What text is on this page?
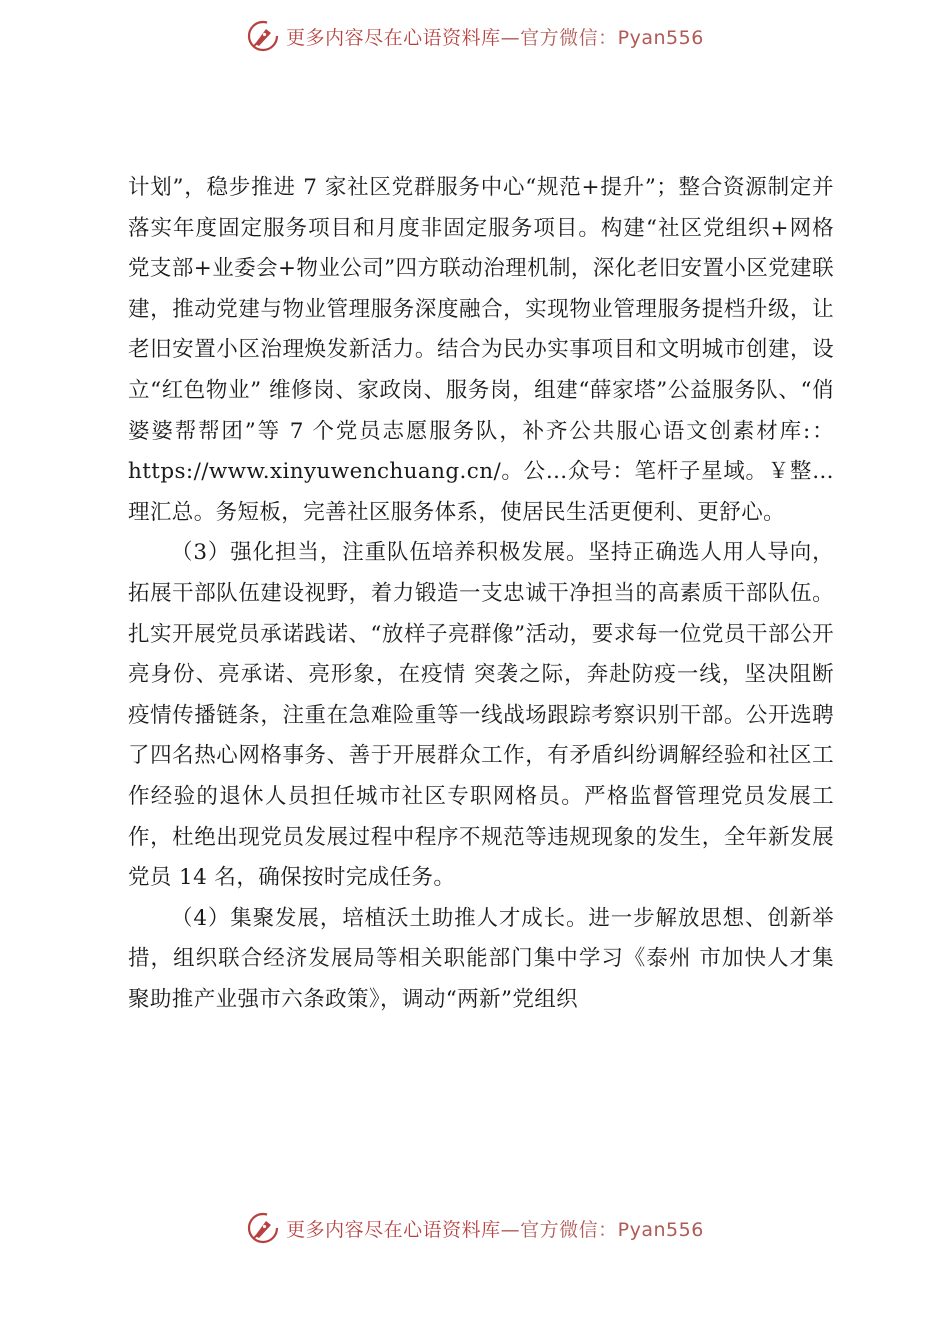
更多内容尽在心语资料库—官方微信：Pyan556

计划”，稳步推进 7 家社区党群服务中心“规范+提升”；整合资源制定并落实年度固定服务项目和月度非固定服务项目。构建“社区党组织+网格党支部+业委会+物业公司”四方联动治理机制，深化老旧安置小区党建联建，推动党建与物业管理服务深度融合，实现物业管理服务提档升级，让老旧安置小区治理焕发新活力。结合为民办实事项目和文明城市创建，设立“红色物业” 维修岗、家政岗、服务岗，组建“薛家塔”公益服务队、“俏婆婆帮帮团”等 7 个党员志愿服务队，补齐公共服心语文创素材库:：https://www.xinyuwenchuang.cn/。公…众号：笔杆子星域。￥整…理汇总。务短板，完善社区服务体系，使居民生活更便利、更舒心。

（3）强化担当，注重队伍培养积极发展。坚持正确选人用人导向，拓展干部队伍建设视野，着力锻造一支忠诚干净担当的高素质干部队伍。扎实开展党员承诺践诺、“放样子亮群像”活动，要求每一位党员干部公开亮身份、亮承诺、亮形象，在疫情 突袭之际，奔赴防疫一线，坚决阻断疫情传播链条，注重在急难险重等一线战场跟踪考察识别干部。公开选聘了四名热心网格事务、善于开展群众工作，有矛盾纠纷调解经验和社区工作经验的退休人员担任城市社区专职网格员。严格监督管理党员发展工 作，杜绝出现党员发展过程中程序不规范等违规现象的发生，全年新发展党员 14 名，确保按时完成任务。

（4）集聚发展，培植沃土助推人才成长。进一步解放思想、创新举措，组织联合经济发展局等相关职能部门集中学习《泰州 市加快人才集聚助推产业强市六条政策》，调动“两新”党组织

更多内容尽在心语资料库—官方微信：Pyan556
